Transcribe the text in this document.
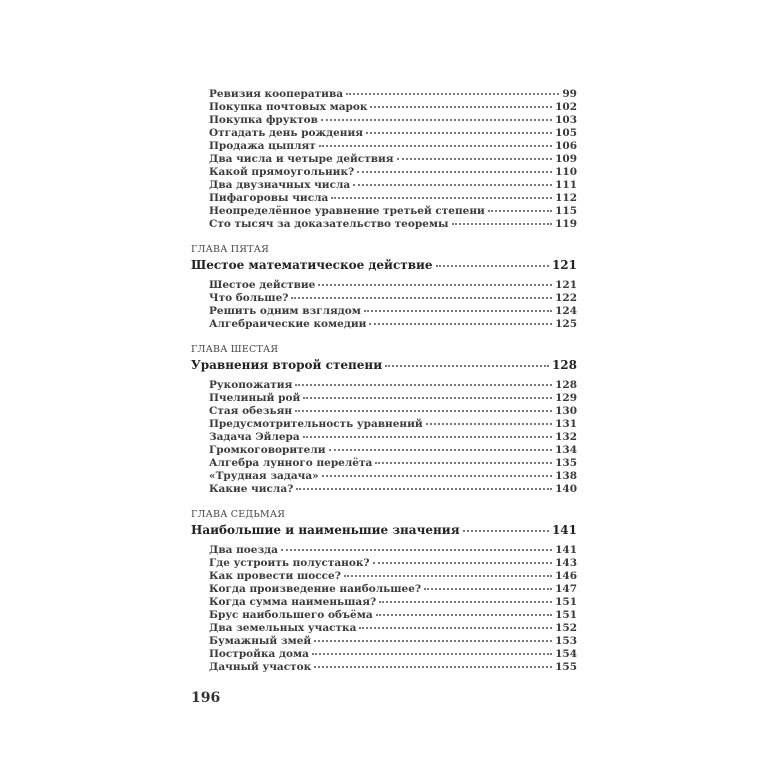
Ревизия кооператива	99
Покупка почтовых марок	102
Покупка фруктов	103
Отгадать день рождения	105
Продажа цыплят	106
Два числа и четыре действия	109
Какой прямоугольник?	110
Два двузначных числа	111
Пифагоровы числа	112
Неопределённое уравнение третьей степени	115
Сто тысяч за доказательство теоремы	119
ГЛАВА ПЯТАЯ
Шестое математическое действие	121
Шестое действие	121
Что больше?	122
Решить одним взглядом	124
Алгебраические комедии	125
ГЛАВА ШЕСТАЯ
Уравнения второй степени	128
Рукопожатия	128
Пчелиный рой	129
Стая обезьян	130
Предусмотрительность уравнений	131
Задача Эйлера	132
Громкоговорители	134
Алгебра лунного перелёта	135
«Трудная задача»	138
Какие числа?	140
ГЛАВА СЕДЬМАЯ
Наибольшие и наименьшие значения	141
Два поезда	141
Где устроить полустанок?	143
Как провести шоссе?	146
Когда произведение наибольшее?	147
Когда сумма наименьшая?	151
Брус наибольшего объёма	151
Два земельных участка	152
Бумажный змей	153
Постройка дома	154
Дачный участок	155
196
